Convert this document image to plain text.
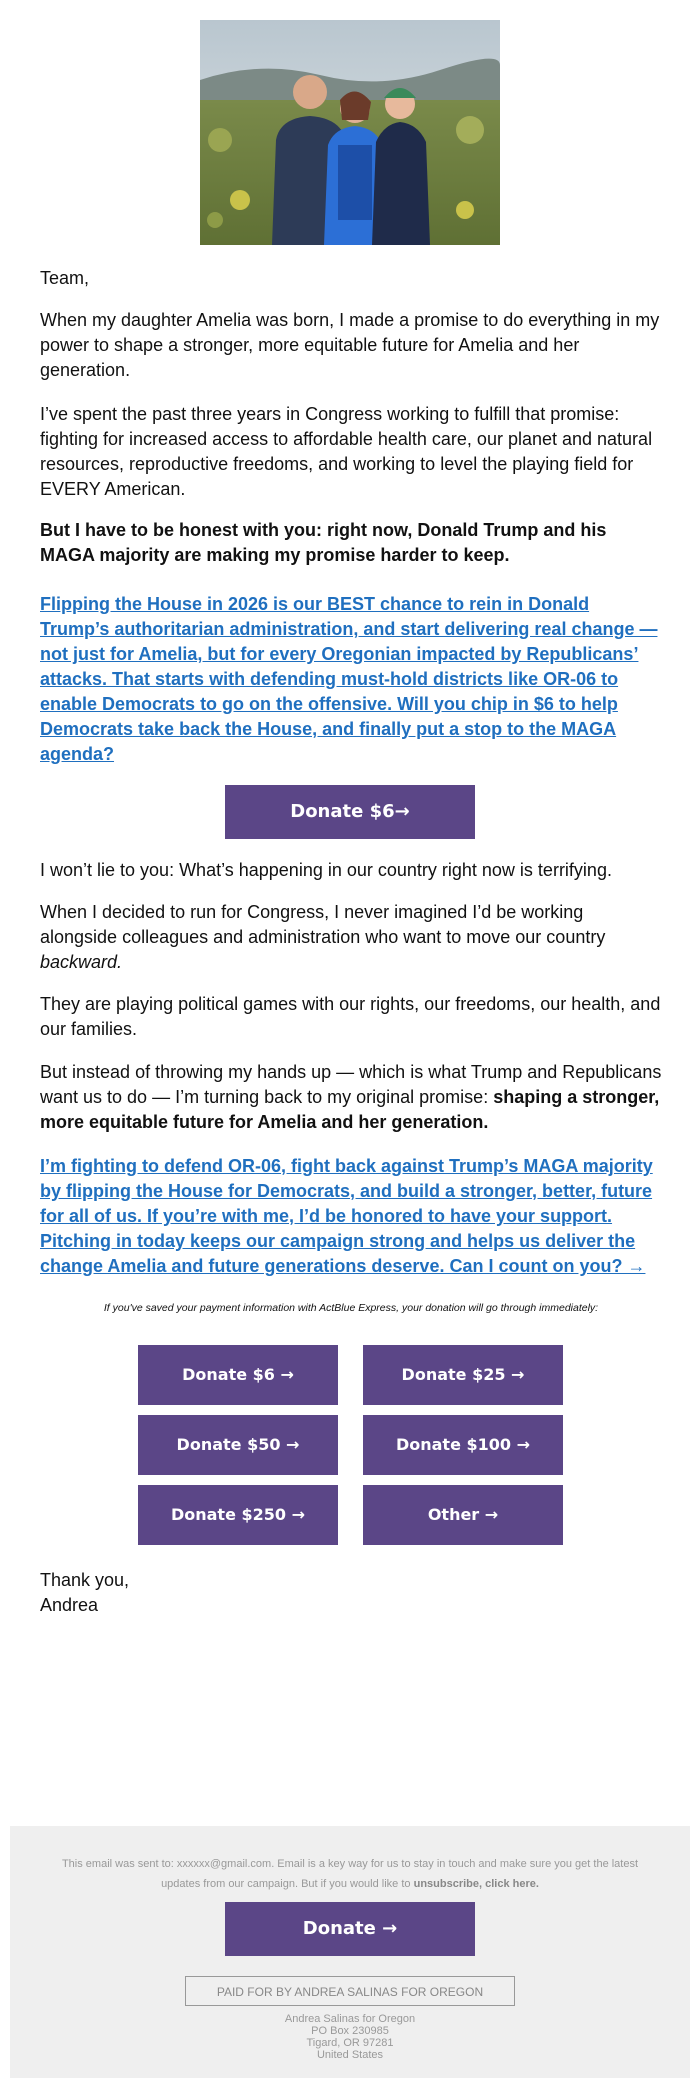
Team,

When my daughter Amelia was born, I made a promise to do everything in my power to shape a stronger, more equitable future for Amelia and her generation.

I’ve spent the past three years in Congress working to fulfill that promise: fighting for increased access to affordable health care, our planet and natural resources, reproductive freedoms, and working to level the playing field for EVERY American.

But I have to be honest with you: right now, Donald Trump and his MAGA majority are making my promise harder to keep.

Flipping the House in 2026 is our BEST chance to rein in Donald Trump’s authoritarian administration, and start delivering real change — not just for Amelia, but for every Oregonian impacted by Republicans’ attacks. That starts with defending must-hold districts like OR-06 to enable Democrats to go on the offensive. Will you chip in $6 to help Democrats take back the House, and finally put a stop to the MAGA agenda?

Donate $6→

I won’t lie to you: What’s happening in our country right now is terrifying.

When I decided to run for Congress, I never imagined I’d be working alongside colleagues and administration who want to move our country backward.

They are playing political games with our rights, our freedoms, our health, and our families.

But instead of throwing my hands up — which is what Trump and Republicans want us to do — I’m turning back to my original promise: shaping a stronger, more equitable future for Amelia and her generation.

I’m fighting to defend OR-06, fight back against Trump’s MAGA majority by flipping the House for Democrats, and build a stronger, better, future for all of us. If you’re with me, I’d be honored to have your support. Pitching in today keeps our campaign strong and helps us deliver the change Amelia and future generations deserve. Can I count on you? →

If you've saved your payment information with ActBlue Express, your donation will go through immediately:
Donate $6 →	Donate $25 →
Donate $50 →	Donate $100 →
Donate $250 →	Other →

Thank you,

Andrea

This email was sent to: xxxxxx@gmail.com. Email is a key way for us to stay in touch and make sure you get the latest updates from our campaign. But if you would like to unsubscribe, click here.
Donate →
PAID FOR BY ANDREA SALINAS FOR OREGON
Andrea Salinas for Oregon
PO Box 230985
Tigard, OR 97281
United States
